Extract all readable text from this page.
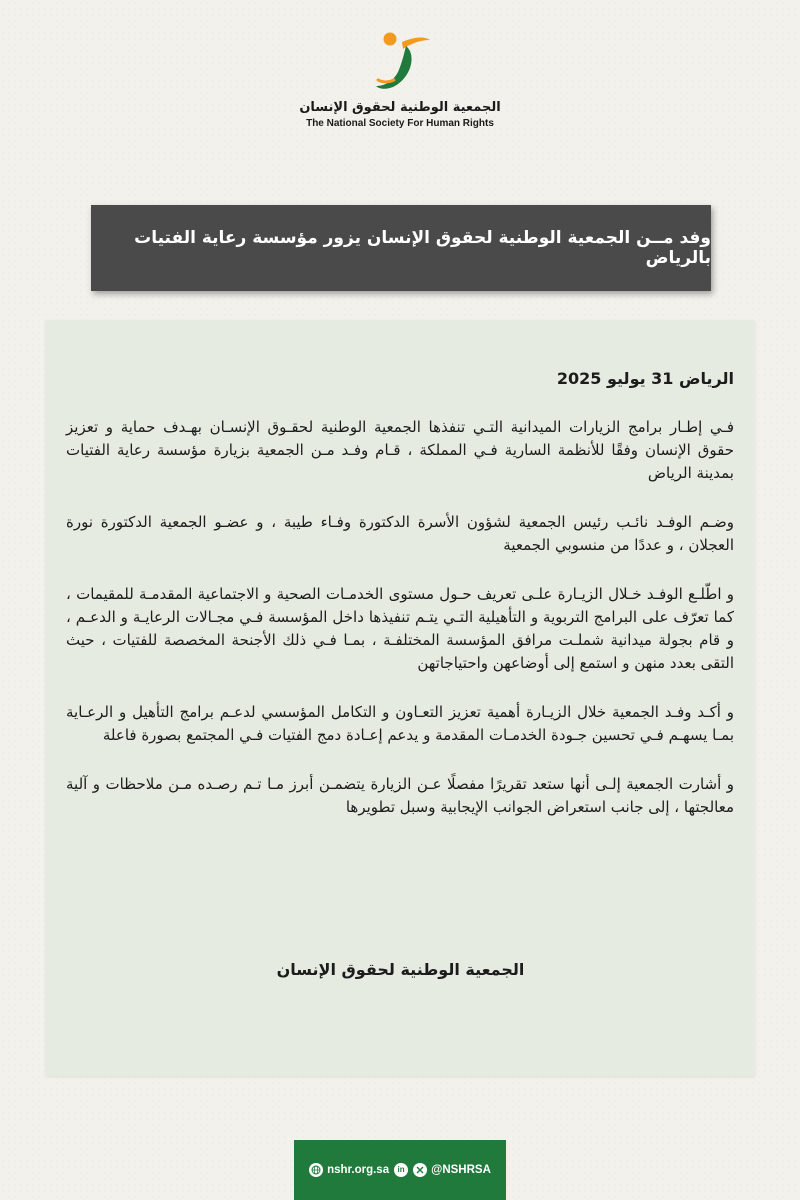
الجمعية الوطنية لحقوق الإنسان
The National Society For Human Rights
وفد مــن الجمعية الوطنية لحقوق الإنسان يزور مؤسسة رعاية الفتيات بالرياض

الرياض 31 يوليو 2025

فـي إطـار برامج الزيارات الميدانية التـي تنفذها الجمعية الوطنية لحقـوق الإنسـان بهـدف حماية و تعزيز حقوق الإنسان وفقًا للأنظمة السارية فـي المملكة ، قـام وفـد مـن الجمعية بزيارة مؤسسة رعاية الفتيات بمدينة الرياض

وضـم الوفـد نائـب رئيس الجمعية لشؤون الأسرة الدكتورة وفـاء طيبة ، و عضـو الجمعية الدكتورة نورة العجلان ، و عددًا من منسوبي الجمعية

و اطّلـع الوفـد خـلال الزيـارة علـى تعريف حـول مستوى الخدمـات الصحية و الاجتماعية المقدمـة للمقيمات ، كما تعرّف على البرامج التربوية و التأهيلية التـي يتـم تنفيذها داخل المؤسسة فـي مجـالات الرعايـة و الدعـم ، و قام بجولة ميدانية شملـت مرافق المؤسسة المختلفـة ، بمـا فـي ذلك الأجنحة المخصصة للفتيات ، حيث التقى بعدد منهن و استمع إلى أوضاعهن واحتياجاتهن

و أكـد وفـد الجمعية خلال الزيـارة أهمية تعزيز التعـاون و التكامل المؤسسي لدعـم برامج التأهيل و الرعـاية بمـا يسهـم فـي تحسين جـودة الخدمـات المقدمة و يدعم إعـادة دمج الفتيات فـي المجتمع بصورة فاعلة

و أشارت الجمعية إلـى أنها ستعد تقريرًا مفصلًا عـن الزيارة يتضمـن أبرز مـا تـم رصـده مـن ملاحظات و آلية معالجتها ، إلى جانب استعراض الجوانب الإيجابية وسبل تطويرها

الجمعية الوطنية لحقوق الإنسان
nshr.org.sa	in	@NSHRSA
